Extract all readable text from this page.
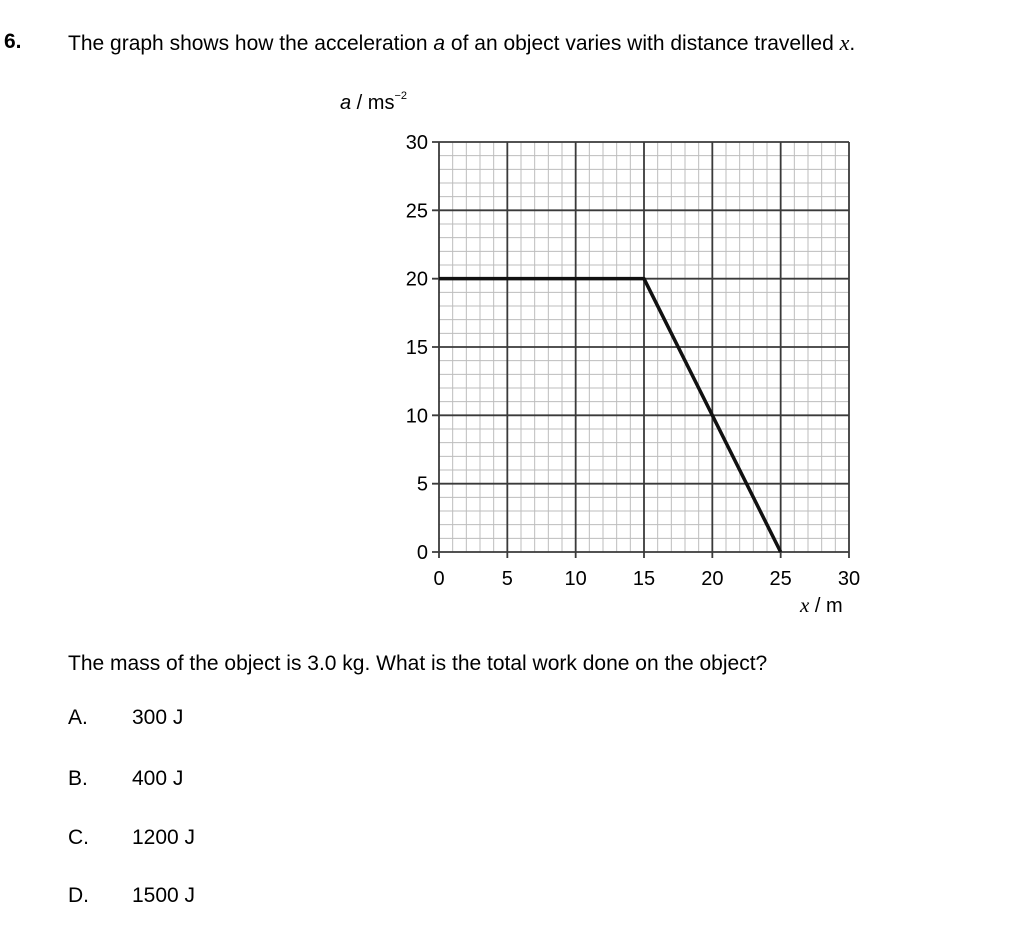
6. The graph shows how the acceleration a of an object varies with distance travelled x.
a / $ms^{-2}$
0	5	10 15 20 25 30
0
5
10
15
20
25
30
x / m
The mass of the object is 3.0 kg. What is the total work done on the object?
A. 300 J
B. 400 J
C. 1200 J
D. 1500 J
